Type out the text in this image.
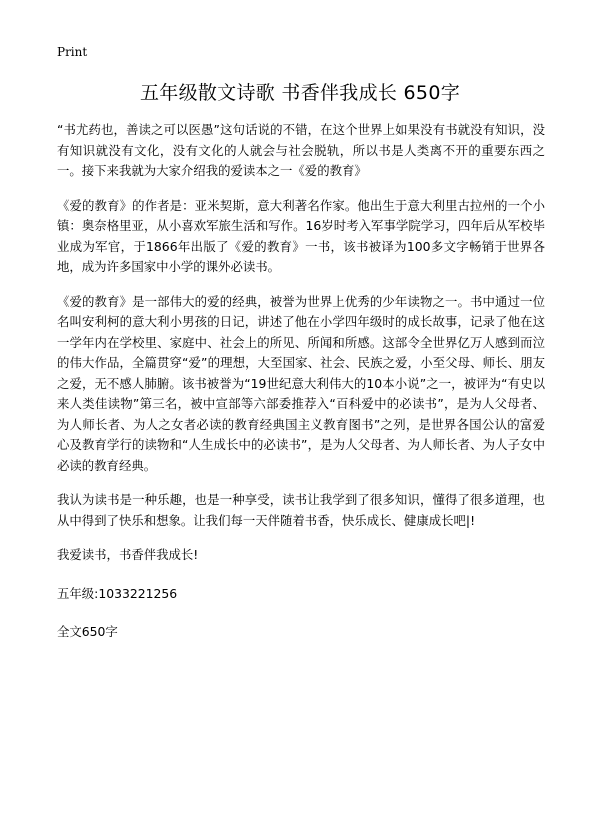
Print
五年级散文诗歌 书香伴我成长 650字

“书尤药也，善读之可以医愚”这句话说的不错，在这个世界上如果没有书就没有知识，没有知识就没有文化，没有文化的人就会与社会脱轨，所以书是人类离不开的重要东西之一。接下来我就为大家介绍我的爱读本之一《爱的教育》

《爱的教育》的作者是：亚米契斯，意大利著名作家。他出生于意大利里古拉州的一个小镇：奥奈格里亚，从小喜欢军旅生活和写作。16岁时考入军事学院学习，四年后从军校毕业成为军官，于1866年出版了《爱的教育》一书，该书被译为100多文字畅销于世界各地，成为许多国家中小学的课外必读书。

《爱的教育》是一部伟大的爱的经典，被誉为世界上优秀的少年读物之一。书中通过一位名叫安利柯的意大利小男孩的日记，讲述了他在小学四年级时的成长故事，记录了他在这一学年内在学校里、家庭中、社会上的所见、所闻和所感。这部令全世界亿万人感到而泣的伟大作品，全篇贯穿“爱”的理想，大至国家、社会、民族之爱，小至父母、师长、朋友之爱，无不感人肺腑。该书被誉为“19世纪意大利伟大的10本小说”之一，被评为“有史以来人类佳读物”第三名，被中宣部等六部委推荐入“百科爱中的必读书”，是为人父母者、为人师长者、为人之女者必读的教育经典国主义教育图书”之列，是世界各国公认的富爱心及教育学行的读物和“人生成长中的必读书”，是为人父母者、为人师长者、为人子女中必读的教育经典。

我认为读书是一种乐趣，也是一种享受，读书让我学到了很多知识，懂得了很多道理，也从中得到了快乐和想象。让我们每一天伴随着书香，快乐成长、健康成长吧|!

我爱读书，书香伴我成长!

五年级:1033221256

全文650字
